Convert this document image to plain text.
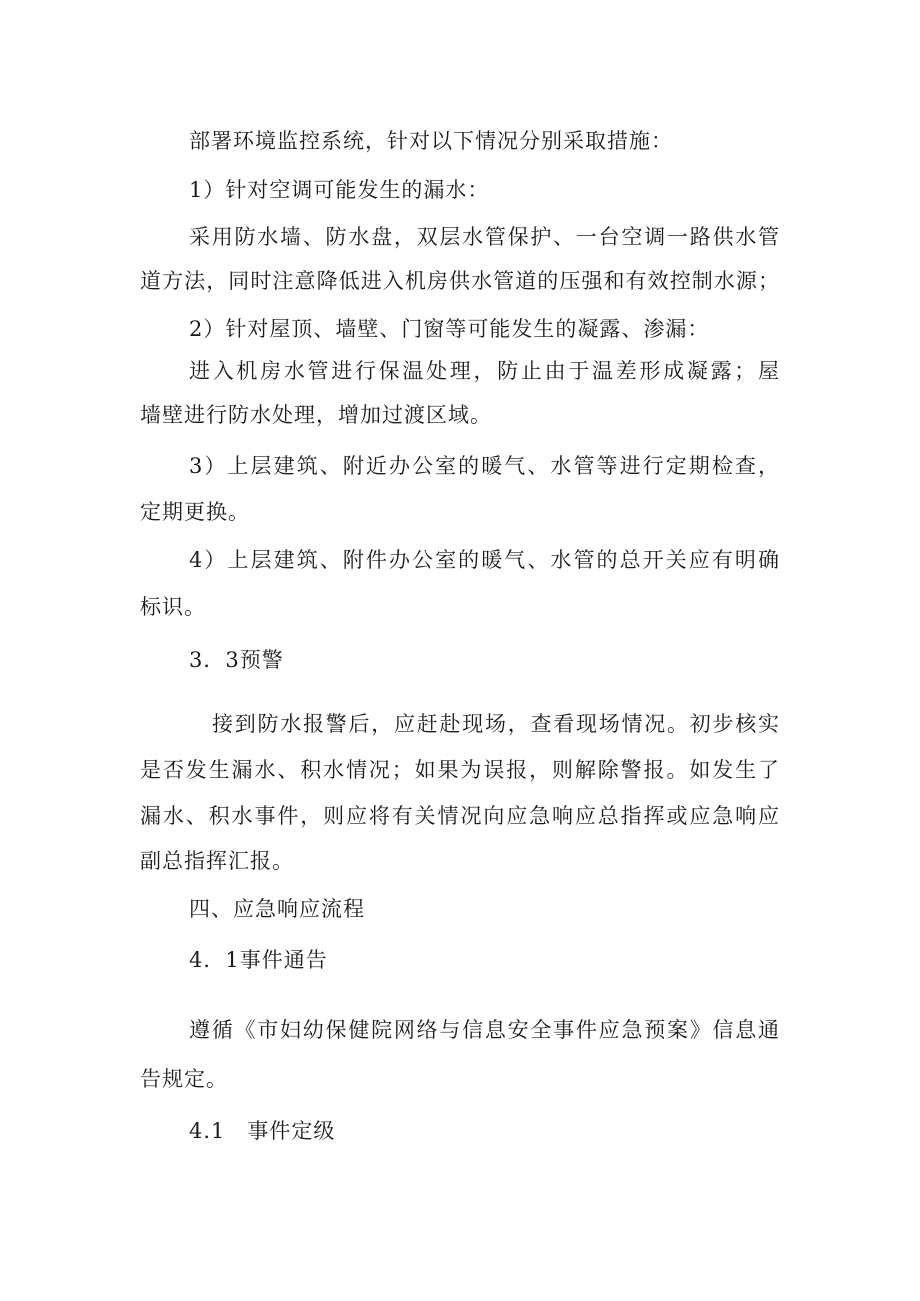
部署环境监控系统，针对以下情况分别采取措施：
1）针对空调可能发生的漏水：
采用防水墙、防水盘，双层水管保护、一台空调一路供水管
道方法，同时注意降低进入机房供水管道的压强和有效控制水源；
2）针对屋顶、墙壁、门窗等可能发生的凝露、渗漏：
进入机房水管进行保温处理，防止由于温差形成凝露；屋
墙壁进行防水处理，增加过渡区域。
3）上层建筑、附近办公室的暖气、水管等进行定期检查，
定期更换。
4）上层建筑、附件办公室的暖气、水管的总开关应有明确
标识。
3．3预警
接到防水报警后，应赶赴现场，查看现场情况。初步核实
是否发生漏水、积水情况；如果为误报，则解除警报。如发生了
漏水、积水事件，则应将有关情况向应急响应总指挥或应急响应
副总指挥汇报。
四、应急响应流程
4．1事件通告
遵循《市妇幼保健院网络与信息安全事件应急预案》信息通
告规定。
4.1　事件定级
